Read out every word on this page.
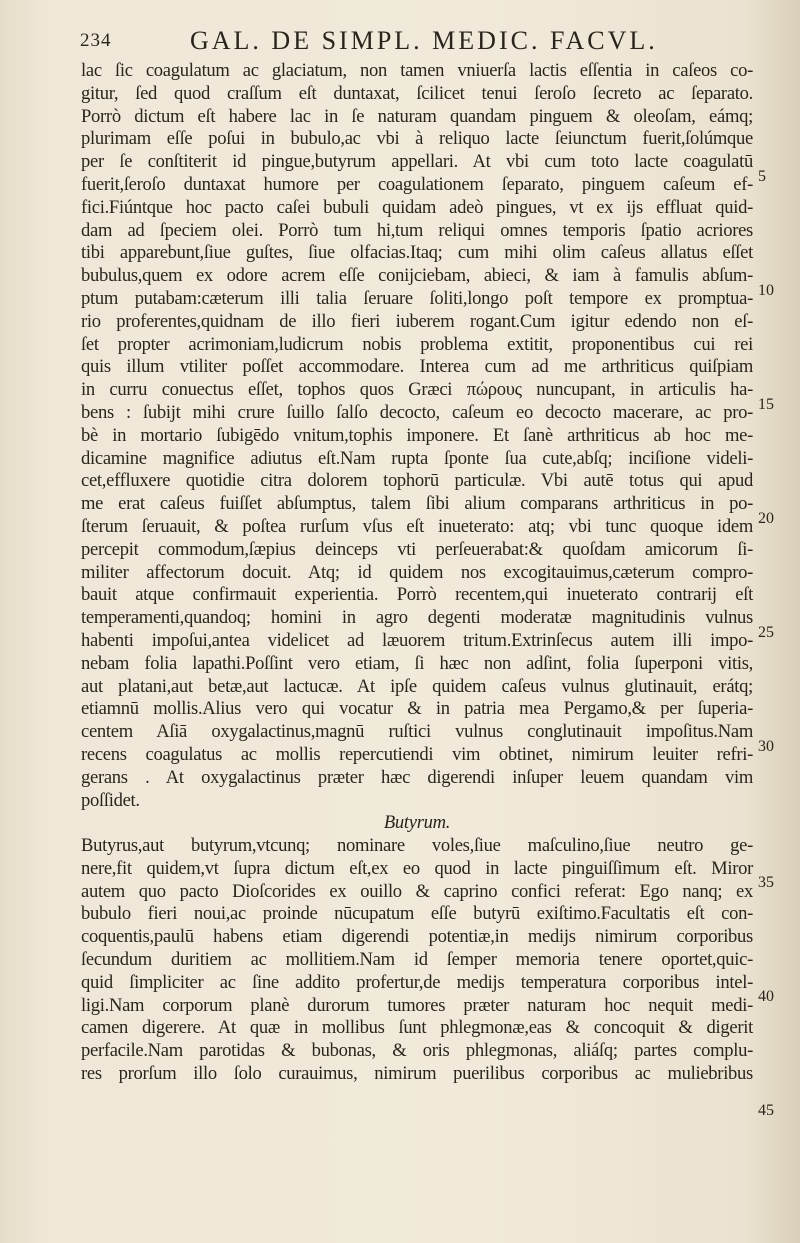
234	GAL. DE SIMPL. MEDIC. FACVL.
lac ſic coagulatum ac glaciatum, non tamen vniuerſa lactis eſſentia in caſeos co-
gitur, ſed quod craſſum eſt duntaxat, ſcilicet tenui ſeroſo ſecreto ac ſeparato.
Porrò dictum eſt habere lac in ſe naturam quandam pinguem & oleoſam, eámq;
plurimam eſſe poſui in bubulo,ac vbi à reliquo lacte ſeiunctum fuerit,ſolúmque
per ſe conſtiterit id pingue,butyrum appellari. At vbi cum toto lacte coagulatū
fuerit,ſeroſo duntaxat humore per coagulationem ſeparato, pinguem caſeum ef-
fici.Fiúntque hoc pacto caſei bubuli quidam adeò pingues, vt ex ijs effluat quid-
dam ad ſpeciem olei. Porrò tum hi,tum reliqui omnes temporis ſpatio acriores
tibi apparebunt,ſiue guſtes, ſiue olfacias.Itaq; cum mihi olim caſeus allatus eſſet
bubulus,quem ex odore acrem eſſe conijciebam, abieci, & iam à famulis abſum-
ptum putabam:cæterum illi talia ſeruare ſoliti,longo poſt tempore ex promptua-
rio proferentes,quidnam de illo fieri iuberem rogant.Cum igitur edendo non eſ-
ſet propter acrimoniam,ludicrum nobis problema extitit, proponentibus cui rei
quis illum vtiliter poſſet accommodare. Interea cum ad me arthriticus quiſpiam
in curru conuectus eſſet, tophos quos Græci πώρους nuncupant, in articulis ha-
bens : ſubijt mihi crure ſuillo ſalſo decocto, caſeum eo decocto macerare, ac pro-
bè in mortario ſubigēdo vnitum,tophis imponere. Et ſanè arthriticus ab hoc me-
dicamine magnifice adiutus eſt.Nam rupta ſponte ſua cute,abſq; inciſione videli-
cet,effluxere quotidie citra dolorem tophorū particulæ. Vbi autē totus qui apud
me erat caſeus fuiſſet abſumptus, talem ſibi alium comparans arthriticus in po-
ſterum ſeruauit, & poſtea rurſum vſus eſt inueterato: atq; vbi tunc quoque idem
percepit commodum,ſæpius deinceps vti perſeuerabat:& quoſdam amicorum ſi-
militer affectorum docuit. Atq; id quidem nos excogitauimus,cæterum compro-
bauit atque confirmauit experientia. Porrò recentem,qui inueterato contrarij eſt
temperamenti,quandoq; homini in agro degenti moderatæ magnitudinis vulnus
habenti impoſui,antea videlicet ad læuorem tritum.Extrinſecus autem illi impo-
nebam folia lapathi.Poſſint vero etiam, ſi hæc non adſint, folia ſuperponi vitis,
aut platani,aut betæ,aut lactucæ. At ipſe quidem caſeus vulnus glutinauit, erátq;
etiamnū mollis.Alius vero qui vocatur & in patria mea Pergamo,& per ſuperia-
centem Aſiā oxygalactinus,magnū ruſtici vulnus conglutinauit impoſitus.Nam
recens coagulatus ac mollis repercutiendi vim obtinet, nimirum leuiter refri-
gerans . At oxygalactinus præter hæc digerendi inſuper leuem quandam vim
poſſidet.
Butyrum.
Butyrus,aut butyrum,vtcunq; nominare voles,ſiue maſculino,ſiue neutro ge-
nere,fit quidem,vt ſupra dictum eſt,ex eo quod in lacte pinguiſſimum eſt. Miror
autem quo pacto Dioſcorides ex ouillo & caprino confici referat: Ego nanq; ex
bubulo fieri noui,ac proinde nūcupatum eſſe butyrū exiſtimo.Facultatis eſt con-
coquentis,paulū habens etiam digerendi potentiæ,in medijs nimirum corporibus
ſecundum duritiem ac mollitiem.Nam id ſemper memoria tenere oportet,quic-
quid ſimpliciter ac ſine addito profertur,de medijs temperatura corporibus intel-
ligi.Nam corporum planè durorum tumores præter naturam hoc nequit medi-
camen digerere. At quæ in mollibus ſunt phlegmonæ,eas & concoquit & digerit
perfacile.Nam parotidas & bubonas, & oris phlegmonas, aliáſq; partes complu-
res prorſum illo ſolo curauimus, nimirum puerilibus corporibus ac muliebribus
5
10
15
20
25
30
35
40
45
